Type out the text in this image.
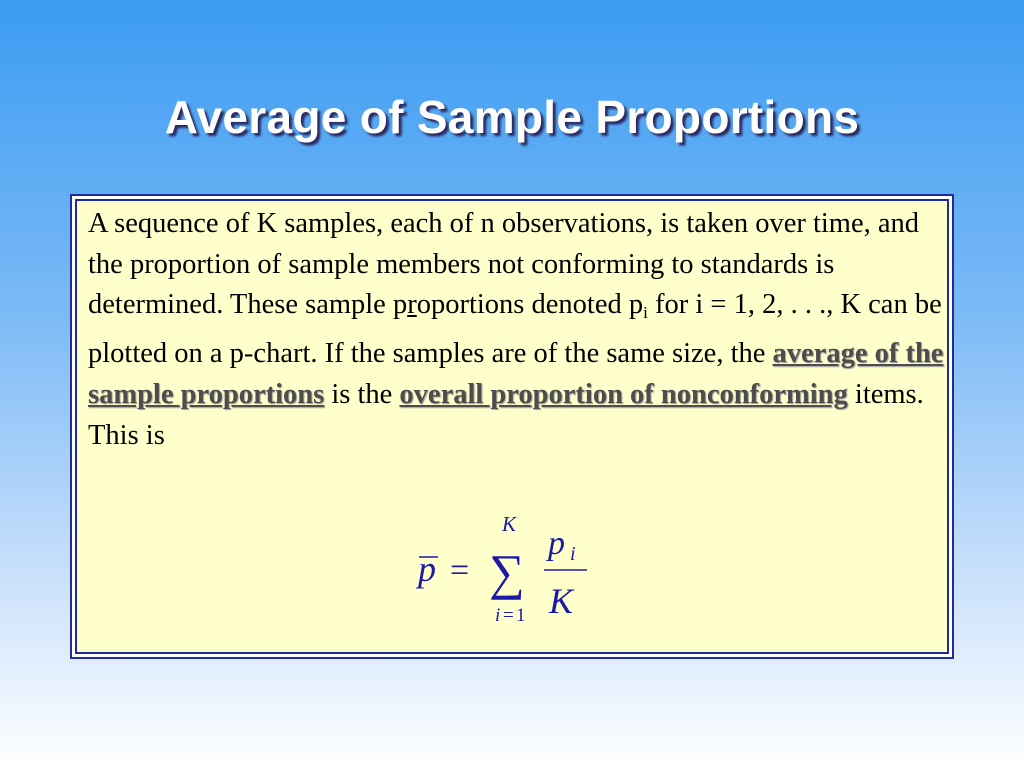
Average of Sample Proportions
A sequence of K samples, each of n observations, is taken over time, and the proportion of sample members not conforming to standards is determined. These sample proportions denoted $p_i$ for i = 1, 2, . . ., K can be plotted on a p-chart. If the samples are of the same size, the average of the sample proportions is the overall proportion of nonconforming items. This is
p =
K
∑
i = 1
p i
K
